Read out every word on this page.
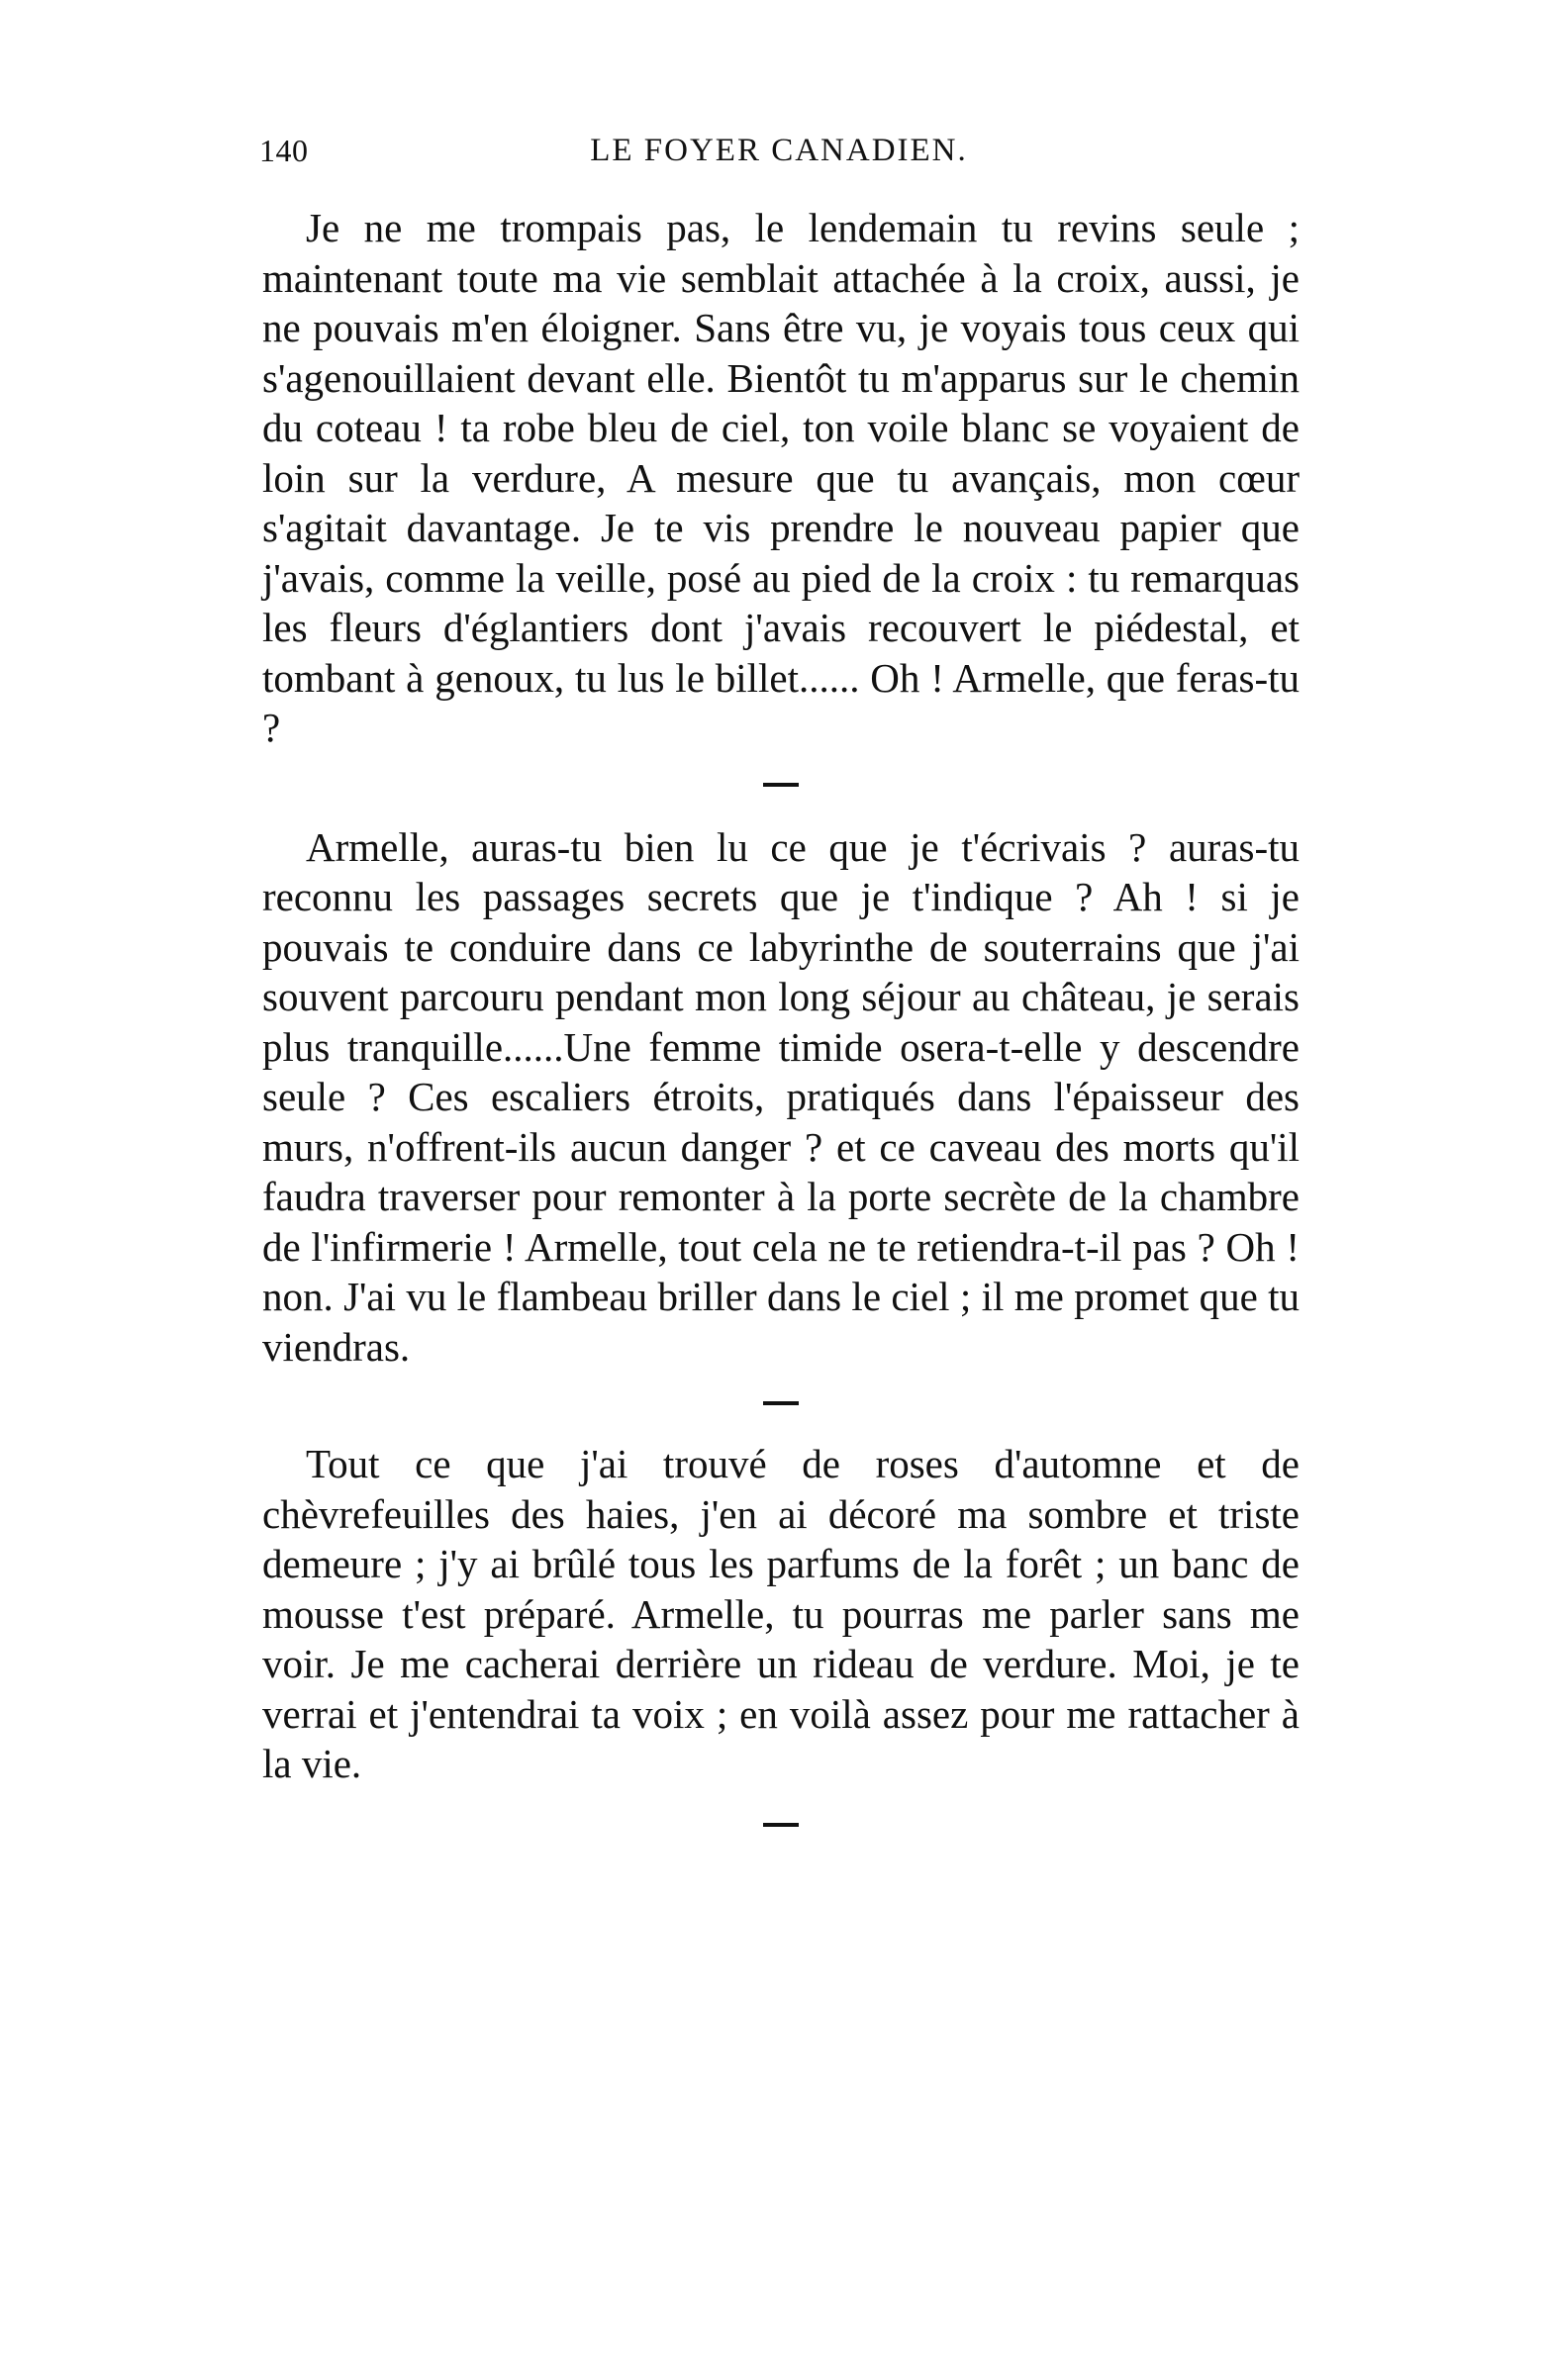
140	LE FOYER CANADIEN.

Je ne me trompais pas, le lendemain tu revins seule ; maintenant toute ma vie semblait attachée à la croix, aussi, je ne pouvais m'en éloigner. Sans être vu, je voyais tous ceux qui s'agenouillaient devant elle. Bientôt tu m'apparus sur le chemin du coteau ! ta robe bleu de ciel, ton voile blanc se voyaient de loin sur la verdure, A mesure que tu avançais, mon cœur s'agitait davantage. Je te vis prendre le nouveau papier que j'avais, comme la veille, posé au pied de la croix : tu remarquas les fleurs d'églantiers dont j'avais recouvert le piédestal, et tombant à genoux, tu lus le billet...... Oh ! Armelle, que feras-tu ?

Armelle, auras-tu bien lu ce que je t'écrivais ? auras-tu reconnu les passages secrets que je t'indique ? Ah ! si je pouvais te conduire dans ce labyrinthe de souterrains que j'ai souvent parcouru pendant mon long séjour au château, je serais plus tranquille......Une femme timide osera-t-elle y descendre seule ? Ces escaliers étroits, pratiqués dans l'épaisseur des murs, n'offrent-ils aucun danger ? et ce caveau des morts qu'il faudra traverser pour remonter à la porte secrète de la chambre de l'infirmerie ! Armelle, tout cela ne te retiendra-t-il pas ? Oh ! non. J'ai vu le flambeau briller dans le ciel ; il me promet que tu viendras.

Tout ce que j'ai trouvé de roses d'automne et de chèvrefeuilles des haies, j'en ai décoré ma sombre et triste demeure ; j'y ai brûlé tous les parfums de la forêt ; un banc de mousse t'est préparé. Armelle, tu pourras me parler sans me voir. Je me cacherai derrière un rideau de verdure. Moi, je te verrai et j'entendrai ta voix ; en voilà assez pour me rattacher à la vie.
